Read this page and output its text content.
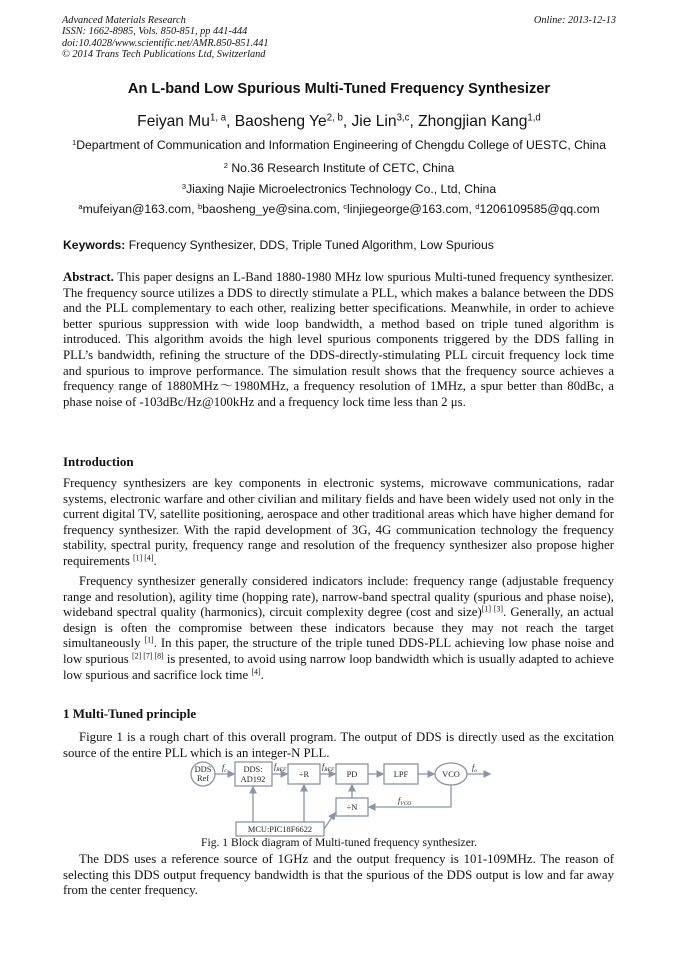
Advanced Materials Research
ISSN: 1662-8985, Vols. 850-851, pp 441-444
doi:10.4028/www.scientific.net/AMR.850-851.441
© 2014 Trans Tech Publications Ltd, Switzerland
Online: 2013-12-13
An L-band Low Spurious Multi-Tuned Frequency Synthesizer
Feiyan Mu$^{1, a}$, Baosheng Ye$^{2, b}$, Jie Lin$^{3,c}$, Zhongjian Kang$^{1,d}$
$^1$Department of Communication and Information Engineering of Chengdu College of UESTC, China
$^2$ No.36 Research Institute of CETC, China
$^3$Jiaxing Najie Microelectronics Technology Co., Ltd, China
$^a$mufeiyan@163.com, $^b$baosheng_ye@sina.com, $^c$linjiegeorge@163.com, $^d$1206109585@qq.com
Keywords: Frequency Synthesizer, DDS, Triple Tuned Algorithm, Low Spurious
Abstract. This paper designs an L-Band 1880-1980 MHz low spurious Multi-tuned frequency synthesizer. The frequency source utilizes a DDS to directly stimulate a PLL, which makes a balance between the DDS and the PLL complementary to each other, realizing better specifications. Meanwhile, in order to achieve better spurious suppression with wide loop bandwidth, a method based on triple tuned algorithm is introduced. This algorithm avoids the high level spurious components triggered by the DDS falling in PLL’s bandwidth, refining the structure of the DDS-directly-stimulating PLL circuit frequency lock time and spurious to improve performance. The simulation result shows that the frequency source achieves a frequency range of 1880MHz～1980MHz, a frequency resolution of 1MHz, a spur better than 80dBc, a phase noise of -103dBc/Hz@100kHz and a frequency lock time less than 2 μs.
Introduction
Frequency synthesizers are key components in electronic systems, microwave communications, radar systems, electronic warfare and other civilian and military fields and have been widely used not only in the current digital TV, satellite positioning, aerospace and other traditional areas which have higher demand for frequency synthesizer. With the rapid development of 3G, 4G communication technology the frequency stability, spectral purity, frequency range and resolution of the frequency synthesizer also propose higher requirements [1] [4].
Frequency synthesizer generally considered indicators include: frequency range (adjustable frequency range and resolution), agility time (hopping rate), narrow-band spectral quality (spurious and phase noise), wideband spectral quality (harmonics), circuit complexity degree (cost and size)[1] [3]. Generally, an actual design is often the compromise between these indicators because they may not reach the target simultaneously [1]. In this paper, the structure of the triple tuned DDS-PLL achieving low phase noise and low spurious [2] [7] [8] is presented, to avoid using narrow loop bandwidth which is usually adapted to achieve low spurious and sacrifice lock time [4].
1 Multi-Tuned principle
Figure 1 is a rough chart of this overall program. The output of DDS is directly used as the excitation source of the entire PLL which is an integer-N PLL.
DDS
Ref
DDS:
AD192
÷R	PD	LPF	VCO
÷N
MCU:PIC18F6622
$f_c$	$f_{REF}$	$f_{REF}$	$f_o$
$f_{VCO}$
Fig. 1 Block diagram of Multi-tuned frequency synthesizer.
The DDS uses a reference source of 1GHz and the output frequency is 101-109MHz. The reason of selecting this DDS output frequency bandwidth is that the spurious of the DDS output is low and far away from the center frequency.
